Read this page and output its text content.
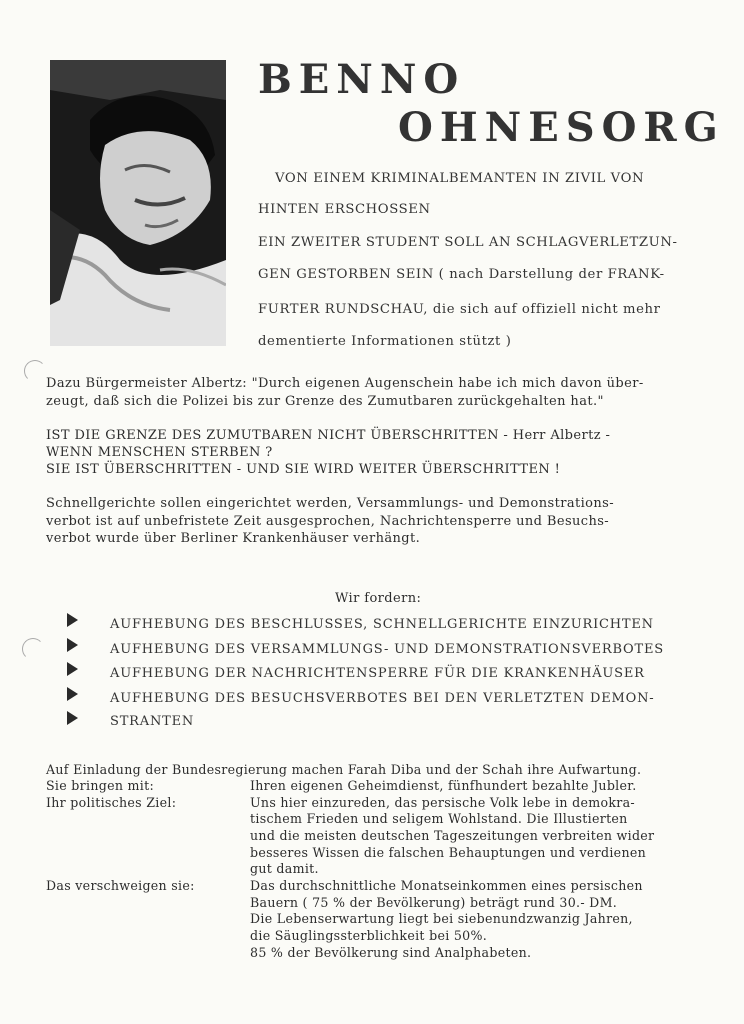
BENNO
OHNESORG
VON EINEM KRIMINALBEMANTEN IN ZIVIL VON
HINTEN ERSCHOSSEN
EIN ZWEITER STUDENT SOLL AN SCHLAGVERLETZUN-
GEN GESTORBEN SEIN ( nach Darstellung der FRANK-
FURTER RUNDSCHAU, die sich auf offiziell nicht mehr
dementierte Informationen stützt )
Dazu Bürgermeister Albertz: "Durch eigenen Augenschein habe ich mich davon über-
zeugt, daß sich die Polizei bis zur Grenze des Zumutbaren zurückgehalten hat."
IST DIE GRENZE DES ZUMUTBAREN NICHT ÜBERSCHRITTEN - Herr Albertz -
WENN MENSCHEN STERBEN ?
SIE IST ÜBERSCHRITTEN - UND SIE WIRD WEITER ÜBERSCHRITTEN !
Schnellgerichte sollen eingerichtet werden, Versammlungs- und Demonstrations-
verbot ist auf unbefristete Zeit ausgesprochen, Nachrichtensperre und Besuchs-
verbot wurde über Berliner Krankenhäuser verhängt.
Wir fordern:
AUFHEBUNG DES BESCHLUSSES, SCHNELLGERICHTE EINZURICHTEN
AUFHEBUNG DES VERSAMMLUNGS- UND DEMONSTRATIONSVERBOTES
AUFHEBUNG DER NACHRICHTENSPERRE FÜR DIE KRANKENHÄUSER
AUFHEBUNG DES BESUCHSVERBOTES BEI DEN VERLETZTEN DEMON-
STRANTEN
Auf Einladung der Bundesregierung machen Farah Diba und der Schah ihre Aufwartung.
Sie bringen mit:	Ihren eigenen Geheimdienst, fünfhundert bezahlte Jubler.
Ihr politisches Ziel:	Uns hier einzureden, das persische Volk lebe in demokra-
tischem Frieden und seligem Wohlstand. Die Illustierten
und die meisten deutschen Tageszeitungen verbreiten wider
besseres Wissen die falschen Behauptungen und verdienen
gut damit.
Das verschweigen sie:	Das durchschnittliche Monatseinkommen eines persischen
Bauern ( 75 % der Bevölkerung) beträgt rund 30.- DM.
Die Lebenserwartung liegt bei siebenundzwanzig Jahren,
die Säuglingssterblichkeit bei 50%.
85 % der Bevölkerung sind Analphabeten.
